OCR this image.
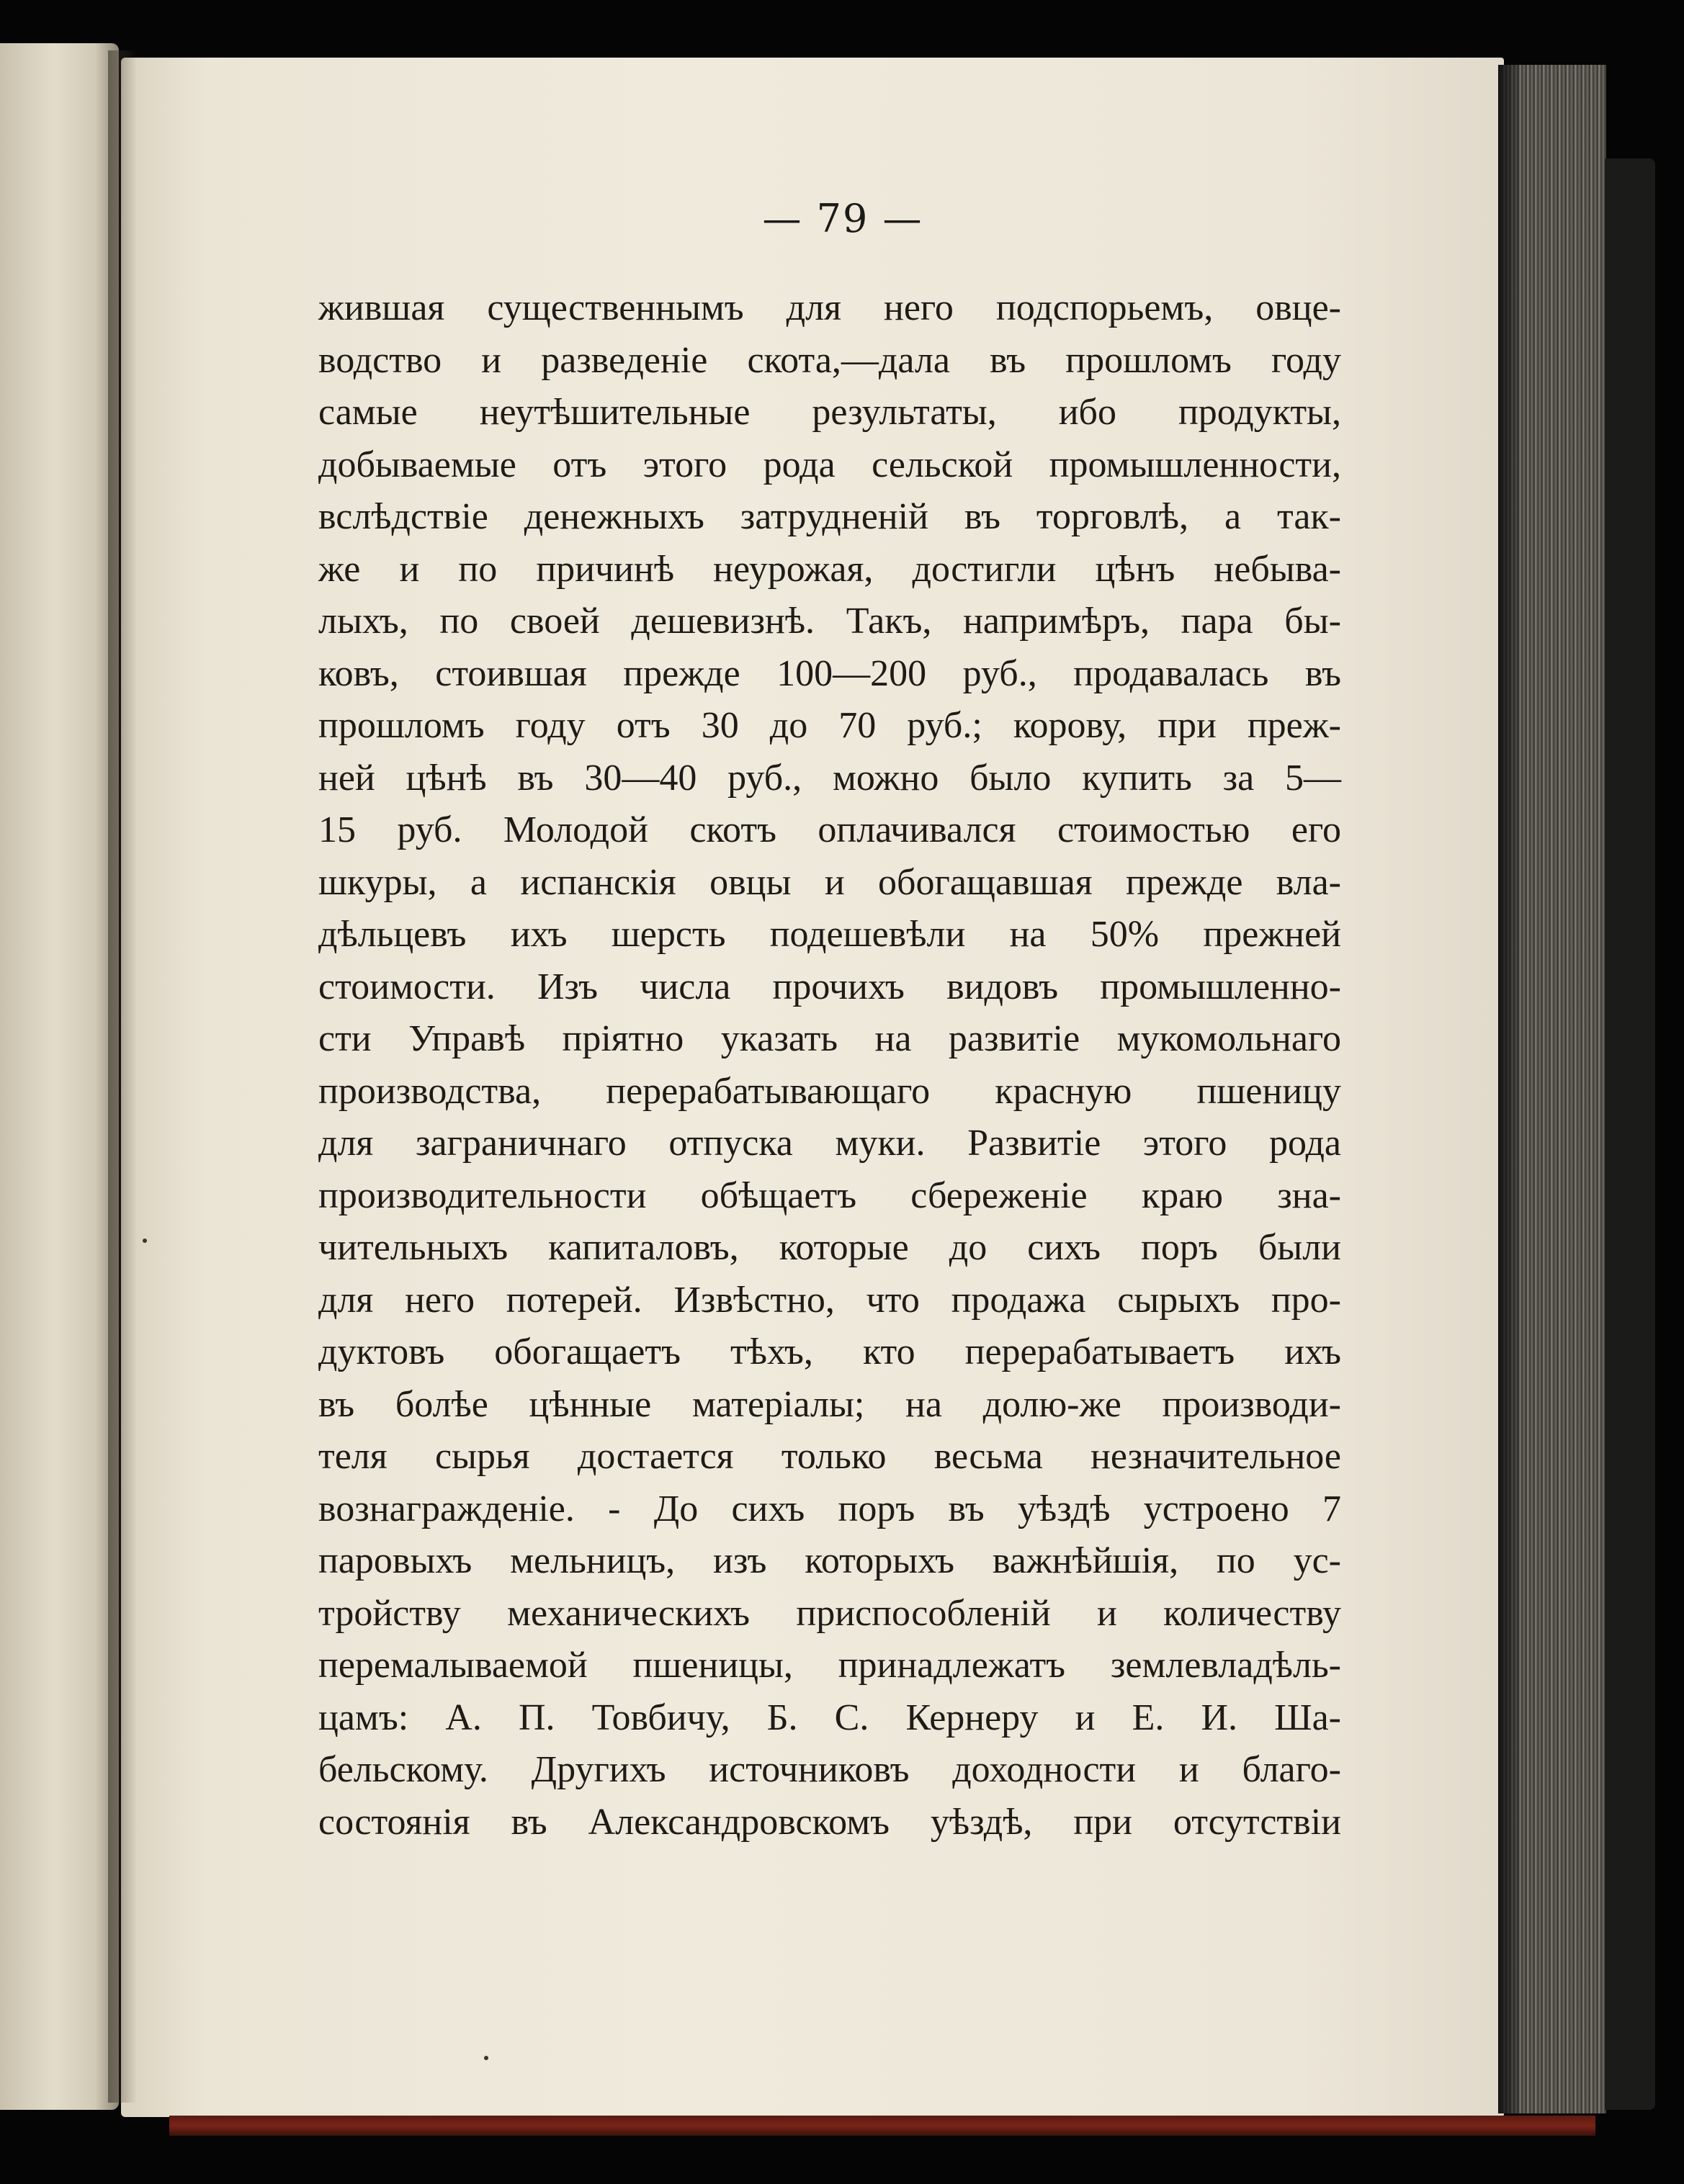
— 79 —
жившая существеннымъ для него подспорьемъ, овце-
водство и разведеніе скота,—дала въ прошломъ году
самые неутѣшительные результаты, ибо продукты,
добываемые отъ этого рода сельской промышленности,
вслѣдствіе денежныхъ затрудненій въ торговлѣ, а так-
же и по причинѣ неурожая, достигли цѣнъ небыва-
лыхъ, по своей дешевизнѣ. Такъ, напримѣръ, пара бы-
ковъ, стоившая прежде 100—200 руб., продавалась въ
прошломъ году отъ 30 до 70 руб.; корову, при преж-
ней цѣнѣ въ 30—40 руб., можно было купить за 5—
15 руб. Молодой скотъ оплачивался стоимостью его
шкуры, а испанскія овцы и обогащавшая прежде вла-
дѣльцевъ ихъ шерсть подешевѣли на 50% прежней
стоимости. Изъ числа прочихъ видовъ промышленно-
сти Управѣ пріятно указать на развитіе мукомольнаго
производства, перерабатывающаго красную пшеницу
для заграничнаго отпуска муки. Развитіе этого рода
производительности обѣщаетъ сбереженіе краю зна-
чительныхъ капиталовъ, которые до сихъ поръ были
для него потерей. Извѣстно, что продажа сырыхъ про-
дуктовъ обогащаетъ тѣхъ, кто перерабатываетъ ихъ
въ болѣе цѣнные матеріалы; на долю-же производи-
теля сырья достается только весьма незначительное
вознагражденіе. - До сихъ поръ въ уѣздѣ устроено 7
паровыхъ мельницъ, изъ которыхъ важнѣйшія, по ус-
тройству механическихъ приспособленій и количеству
перемалываемой пшеницы, принадлежатъ землевладѣль-
цамъ: А. П. Товбичу, Б. С. Кернеру и Е. И. Ша-
бельскому. Другихъ источниковъ доходности и благо-
состоянія въ Александровскомъ уѣздѣ, при отсутствіи
